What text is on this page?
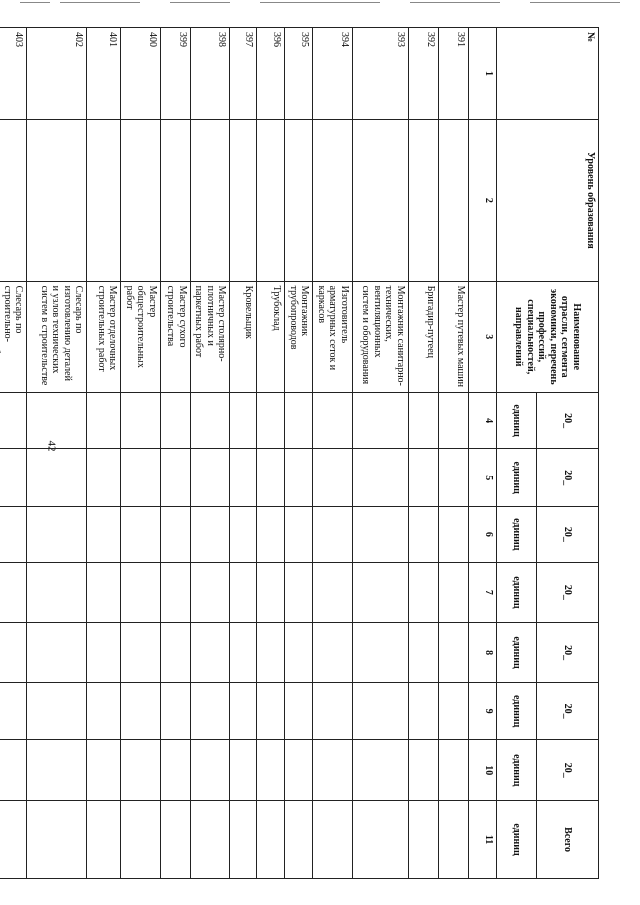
42
№	Уровень образования	Наименование отрасли, сегмента экономики, перечень профессий, специальностей, направлений	20_	20_	20_	20_	20_	20_	20_	Всего
			единиц	единиц	единиц	единиц	единиц	единиц	единиц	единиц
1	2	3	4	5	6	7	8	9	10	11
391		Мастер путевых машин								
392		Бригадир-путеец								
393		Монтажник санитарно-технических, вентиляционных систем и оборудования								
394		Изготовитель арматурных сеток и каркасов								
395		Монтажник трубопроводов								
396		Трубоклад								
397		Кровельщик								
398		Мастер столярно-плотничных и паркетных работ								
399		Мастер сухого строительства								
400		Мастер общестроительных работ								
401		Мастер отделочных строительных работ								
402		Слесарь по изготовлению деталей и узлов технических систем в строительстве								
403		Слесарь по строительно-								
